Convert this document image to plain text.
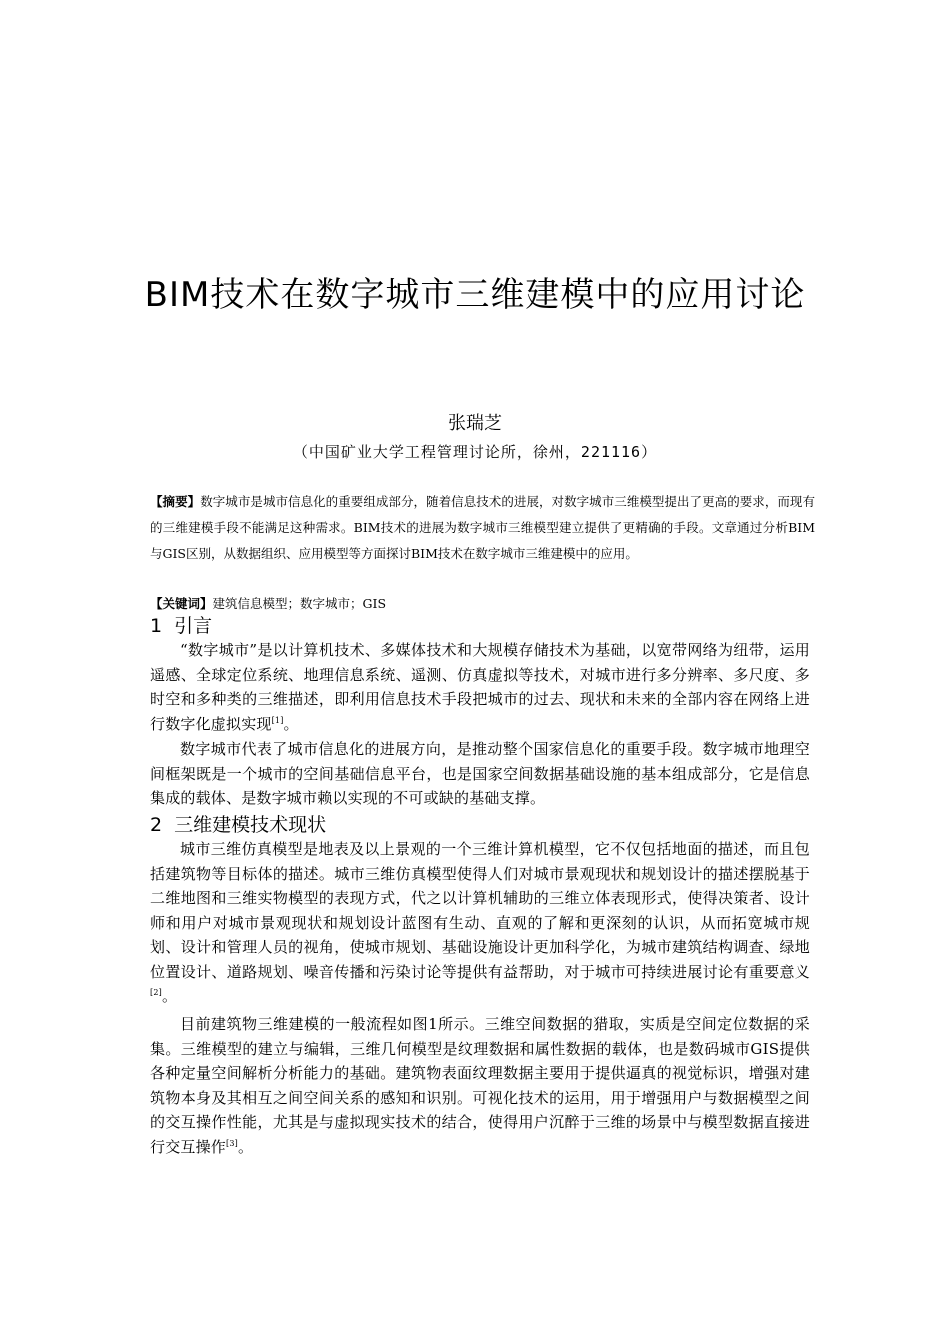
BIM技术在数字城市三维建模中的应用讨论
张瑞芝
（中国矿业大学工程管理讨论所，徐州，221116）
【摘要】数字城市是城市信息化的重要组成部分，随着信息技术的进展，对数字城市三维模型提出了更高的要求，而现有的三维建模手段不能满足这种需求。BIM技术的进展为数字城市三维模型建立提供了更精确的手段。文章通过分析BIM与GIS区别，从数据组织、应用模型等方面探讨BIM技术在数字城市三维建模中的应用。
【关键词】建筑信息模型；数字城市；GIS
1 引言
“数字城市”是以计算机技术、多媒体技术和大规模存储技术为基础，以宽带网络为纽带，运用遥感、全球定位系统、地理信息系统、遥测、仿真虚拟等技术，对城市进行多分辨率、多尺度、多时空和多种类的三维描述，即利用信息技术手段把城市的过去、现状和未来的全部内容在网络上进行数字化虚拟实现[1]。
数字城市代表了城市信息化的进展方向，是推动整个国家信息化的重要手段。数字城市地理空间框架既是一个城市的空间基础信息平台，也是国家空间数据基础设施的基本组成部分，它是信息集成的载体、是数字城市赖以实现的不可或缺的基础支撑。
2 三维建模技术现状
城市三维仿真模型是地表及以上景观的一个三维计算机模型，它不仅包括地面的描述，而且包括建筑物等目标体的描述。城市三维仿真模型使得人们对城市景观现状和规划设计的描述摆脱基于二维地图和三维实物模型的表现方式，代之以计算机辅助的三维立体表现形式，使得决策者、设计师和用户对城市景观现状和规划设计蓝图有生动、直观的了解和更深刻的认识，从而拓宽城市规划、设计和管理人员的视角，使城市规划、基础设施设计更加科学化，为城市建筑结构调查、绿地位置设计、道路规划、噪音传播和污染讨论等提供有益帮助，对于城市可持续进展讨论有重要意义[2]。
目前建筑物三维建模的一般流程如图1所示。三维空间数据的猎取，实质是空间定位数据的采集。三维模型的建立与编辑，三维几何模型是纹理数据和属性数据的载体，也是数码城市GIS提供各种定量空间解析分析能力的基础。建筑物表面纹理数据主要用于提供逼真的视觉标识，增强对建筑物本身及其相互之间空间关系的感知和识别。可视化技术的运用，用于增强用户与数据模型之间的交互操作性能，尤其是与虚拟现实技术的结合，使得用户沉醉于三维的场景中与模型数据直接进行交互操作[3]。
